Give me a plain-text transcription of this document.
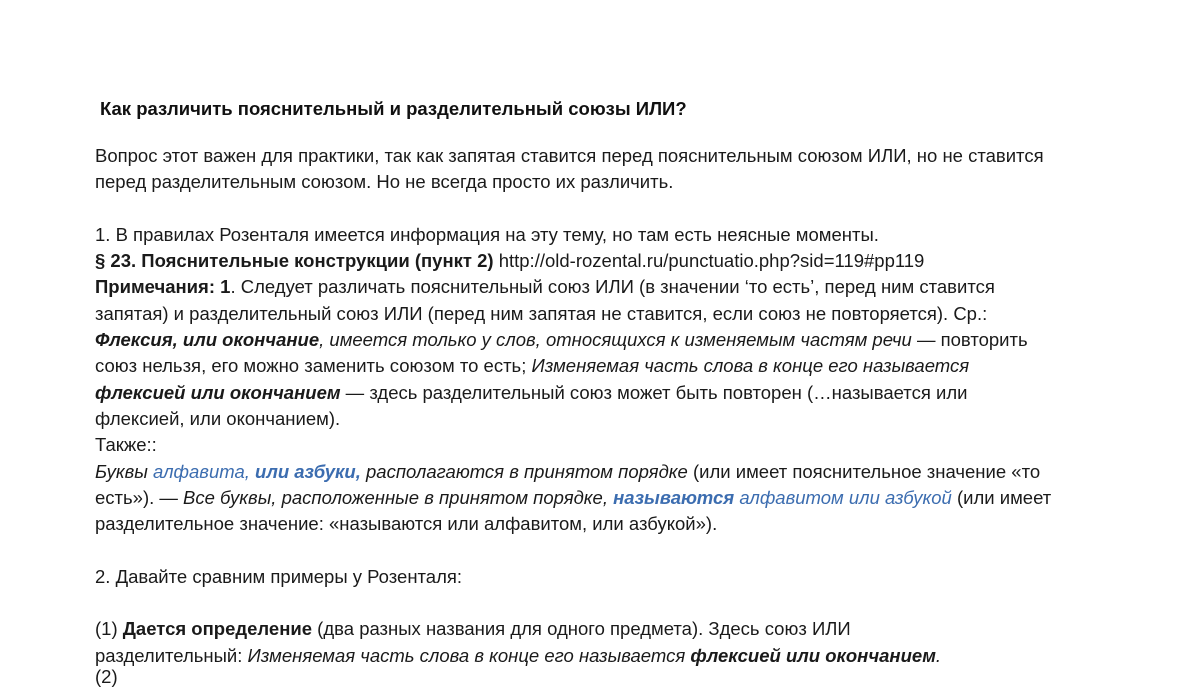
Как различить пояснительный и разделительный союзы ИЛИ?
Вопрос этот важен для практики, так как запятая ставится перед пояснительным союзом ИЛИ, но не ставится
перед разделительным союзом. Но не всегда просто их различить.
1. В правилах Розенталя имеется информация на эту тему, но там есть неясные моменты.
§ 23. Пояснительные конструкции (пункт 2) http://old-rozental.ru/punctuatio.php?sid=119#pp119
Примечания: 1. Следует различать пояснительный союз ИЛИ (в значении ‘то есть’, перед ним ставится
запятая) и разделительный союз ИЛИ (перед ним запятая не ставится, если союз не повторяется). Ср.:
Флексия, или окончание, имеется только у слов, относящихся к изменяемым частям речи — повторить
союз нельзя, его можно заменить союзом то есть; Изменяемая часть слова в конце его называется
флексией или окончанием — здесь разделительный союз может быть повторен (…называется или
флексией, или окончанием).
Также::
Буквы алфавита, или азбуки, располагаются в принятом порядке (или имеет пояснительное значение «то
есть»). — Все буквы, расположенные в принятом порядке, называются алфавитом или азбукой (или имеет
разделительное значение: «называются или алфавитом, или азбукой»).
2. Давайте сравним примеры у Розенталя:
(1) Дается определение (два разных названия для одного предмета). Здесь союз ИЛИ
разделительный: Изменяемая часть слова в конце его называется флексией или окончанием.
(2)
